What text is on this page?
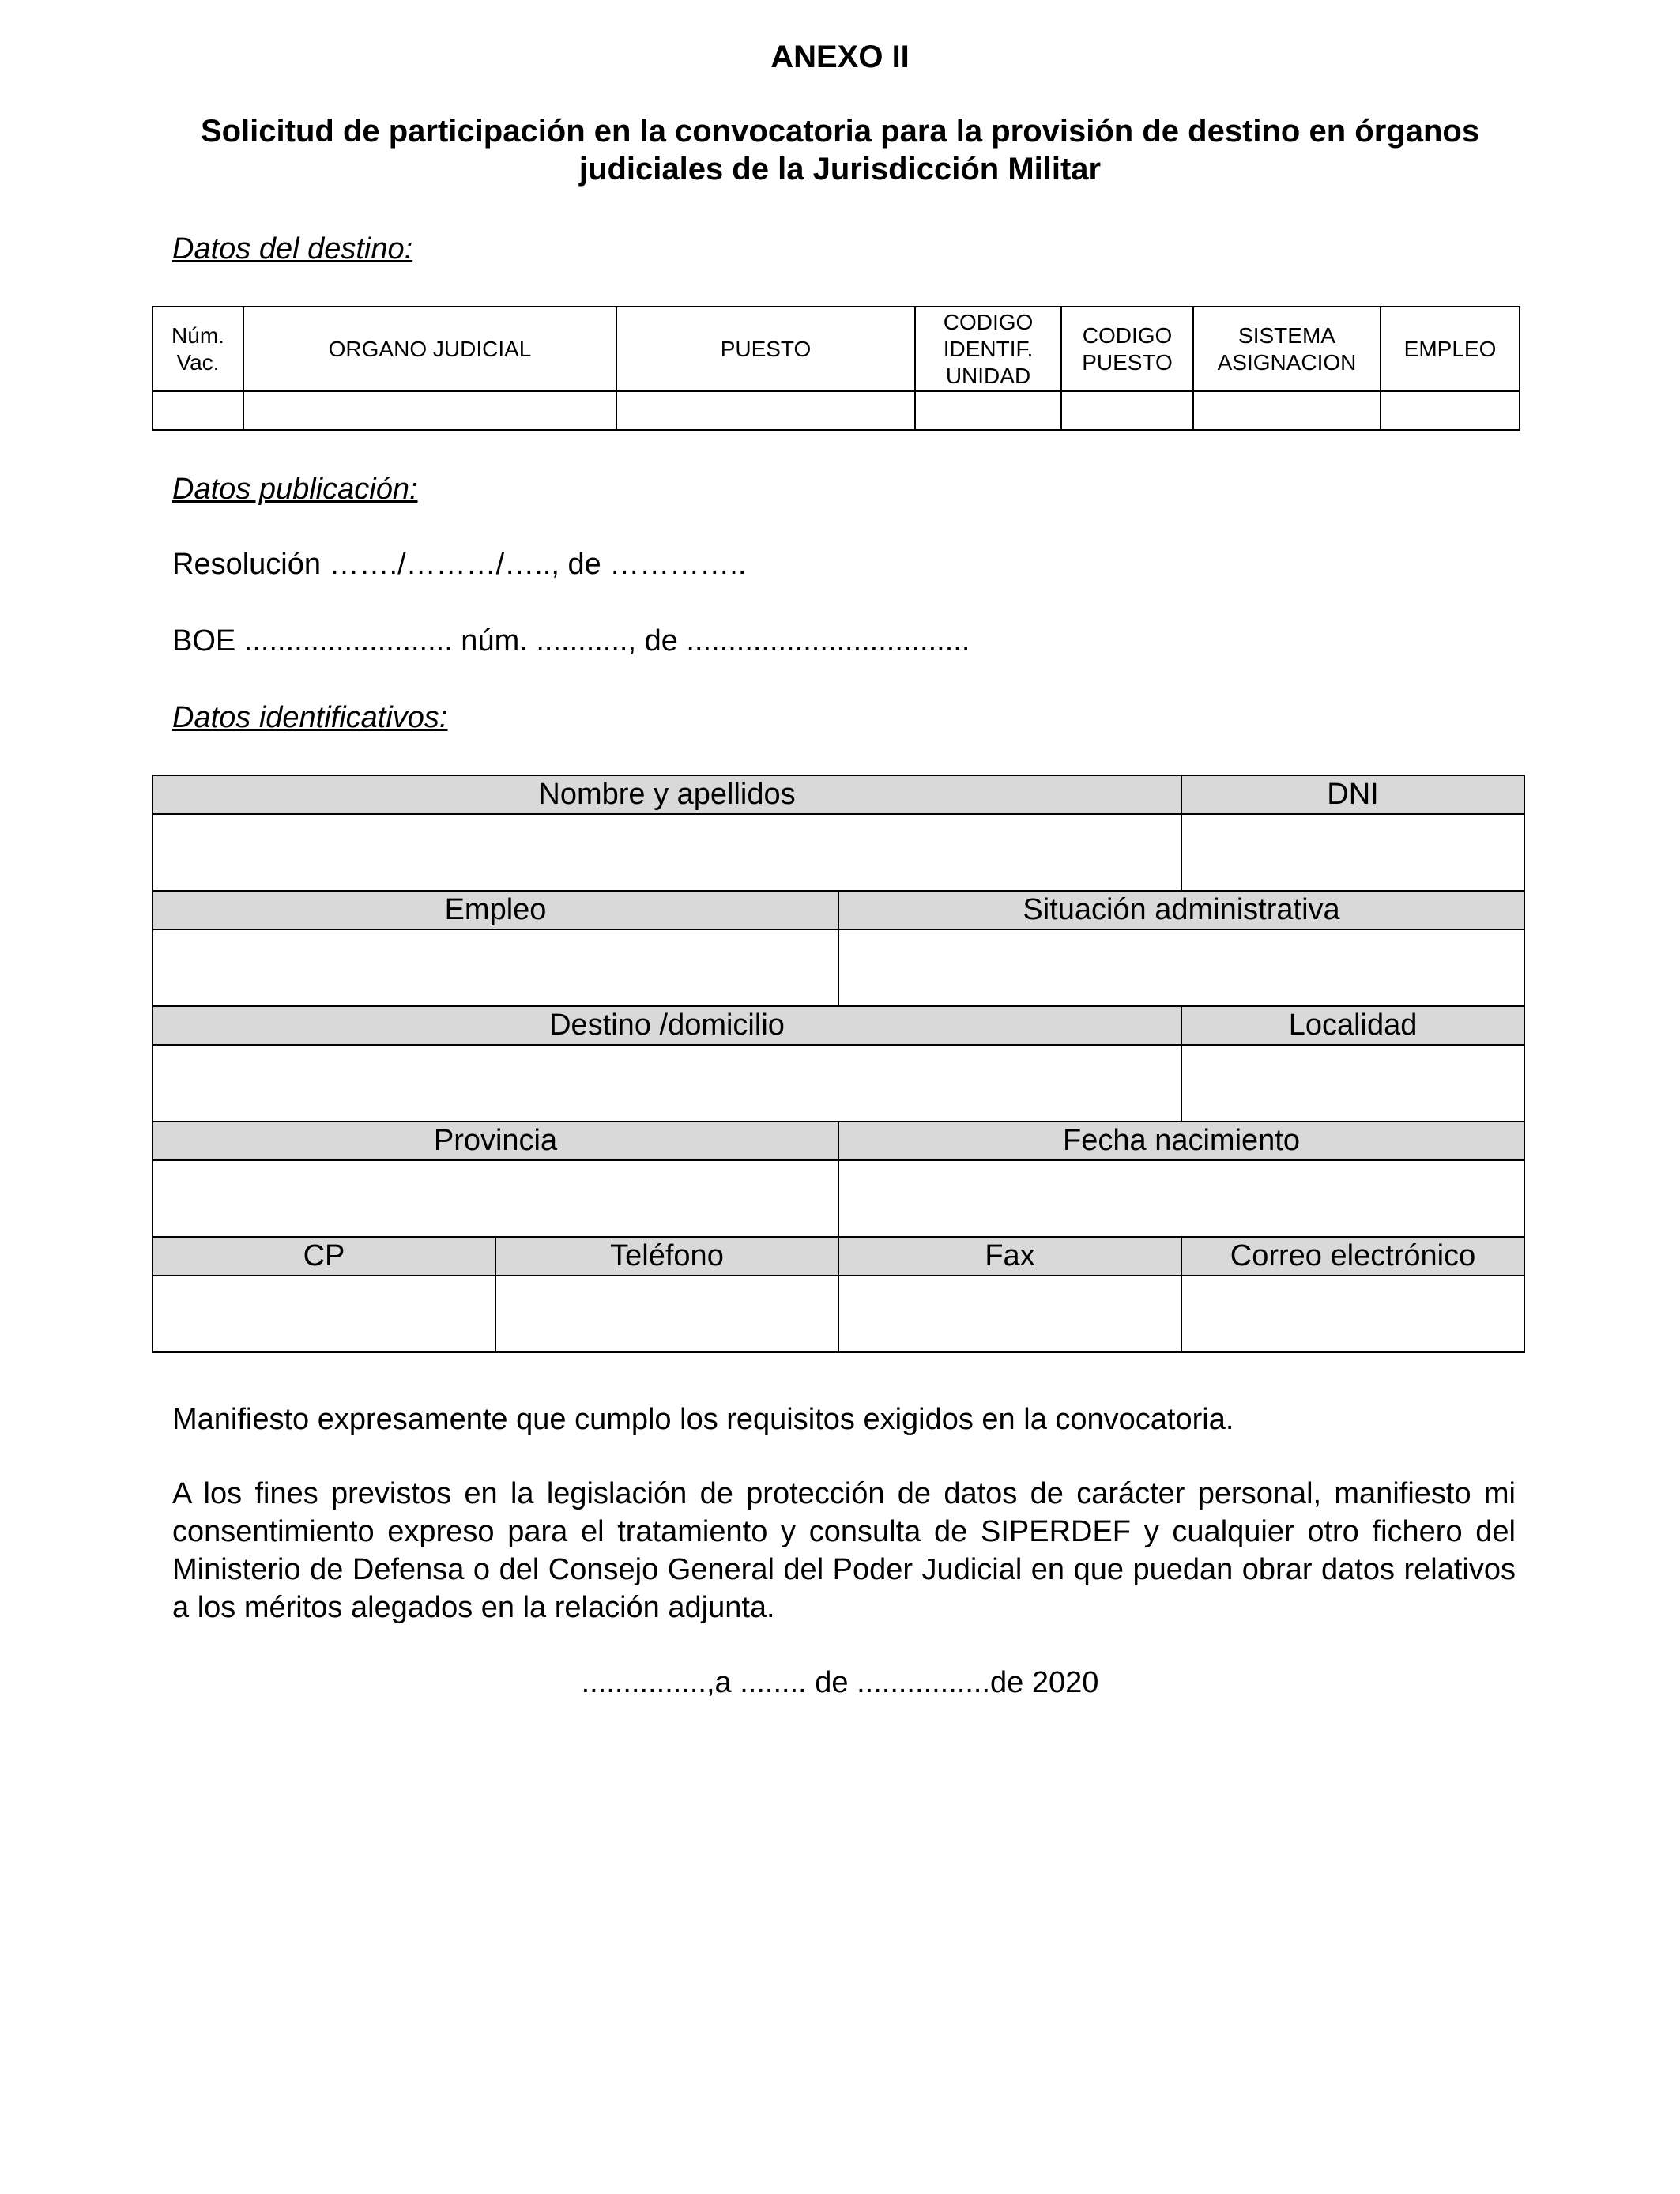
ANEXO II
Solicitud de participación en la convocatoria para la provisión de destino en órganos judiciales de la Jurisdicción Militar
Datos del destino:
Núm. Vac.	ORGANO JUDICIAL	PUESTO	CODIGO IDENTIF. UNIDAD	CODIGO PUESTO	SISTEMA ASIGNACION	EMPLEO

Datos publicación:
Resolución ……./………/….., de …………..
BOE ......................... núm. ..........., de ..................................
Datos identificativos:
Nombre y apellidos			DNI

Empleo		Situación administrativa	

Destino /domicilio			Localidad

Provincia		Fecha nacimiento	

CP	Teléfono	Fax	Correo electrónico

Manifiesto expresamente que cumplo los requisitos exigidos en la convocatoria.
A los fines previstos en la legislación de protección de datos de carácter personal, manifiesto mi consentimiento expreso para el tratamiento y consulta de SIPERDEF y cualquier otro fichero del Ministerio de Defensa o del Consejo General del Poder Judicial en que puedan obrar datos relativos a los méritos alegados en la relación adjunta.
...............,a ........ de ................de 2020
